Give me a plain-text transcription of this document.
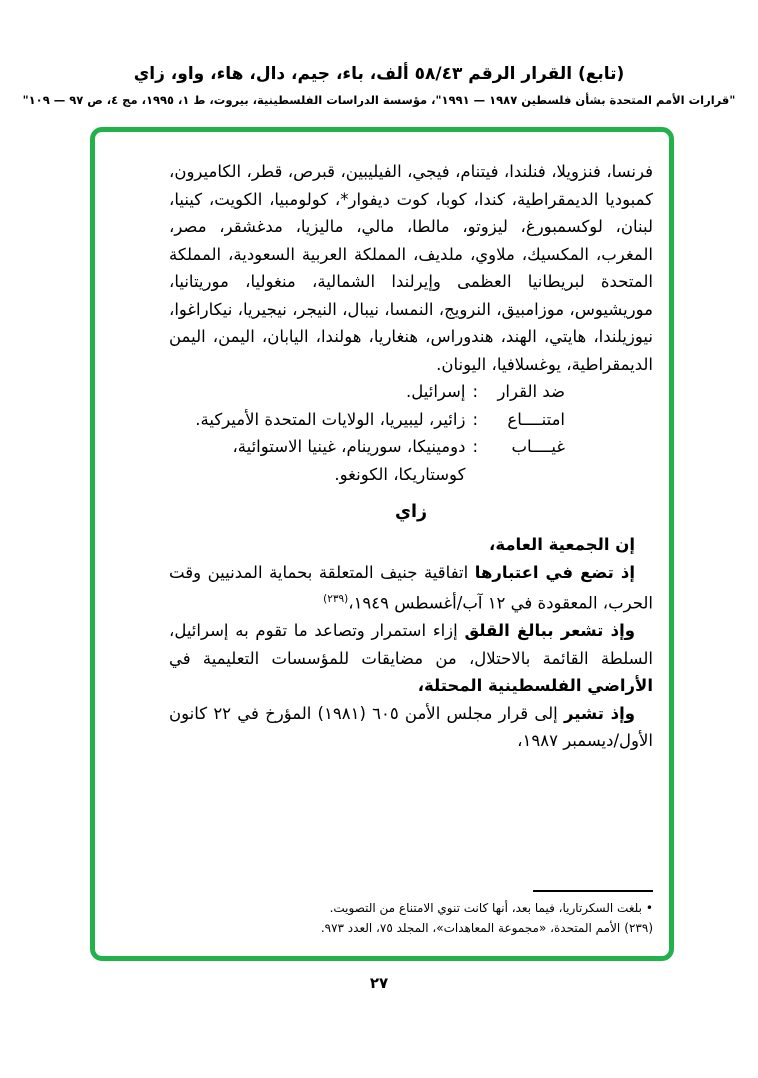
(تابع) القرار الرقم ٥٨/٤٣ ألف، باء، جيم، دال، هاء، واو، زاي
"قرارات الأمم المتحدة بشأن فلسطين ١٩٨٧ — ١٩٩١"، مؤسسة الدراسات الفلسطينية، بيروت، ط ١، ١٩٩٥، مج ٤، ص ٩٧ — ١٠٩"

فرنسا، فنزويلا، فنلندا، فيتنام، فيجي، الفيليبين، قبرص، قطر، الكاميرون، كمبوديا الديمقراطية، كندا، كوبا، كوت ديفوار*، كولومبيا، الكويت، كينيا، لبنان، لوكسمبورغ، ليزوتو، مالطا، مالي، ماليزيا، مدغشقر، مصر، المغرب، المكسيك، ملاوي، ملديف، المملكة العربية السعودية، المملكة المتحدة لبريطانيا العظمى وإيرلندا الشمالية، منغوليا، موريتانيا، موريشيوس، موزامبيق، النرويج، النمسا، نيبال، النيجر، نيجيريا، نيكاراغوا، نيوزيلندا، هايتي، الهند، هندوراس، هنغاريا، هولندا، اليابان، اليمن، اليمن الديمقراطية، يوغسلافيا، اليونان.

ضد القرار
:
إسرائيل.
امتنــــاع
:
زائير، ليبيريا، الولايات المتحدة الأميركية.
غيــــاب
:
دومينيكا، سورينام، غينيا الاستوائية، كوستاريكا، الكونغو.
زاي

إن الجمعية العامة،

إذ تضع في اعتبارها اتفاقية جنيف المتعلقة بحماية المدنيين وقت الحرب، المعقودة في ١٢ آب/أغسطس ١٩٤٩،$^{(٢٣٩)}$

وإذ تشعر ببالغ القلق إزاء استمرار وتصاعد ما تقوم به إسرائيل، السلطة القائمة بالاحتلال، من مضايقات للمؤسسات التعليمية في الأراضي الفلسطينية المحتلة،

وإذ تشير إلى قرار مجلس الأمن ٦٠٥ (١٩٨١) المؤرخ في ٢٢ كانون الأول/ديسمبر ١٩٨٧،

•بلغت السكرتاريا، فيما بعد، أنها كانت تنوي الامتناع من التصويت.
(٢٣٩)الأمم المتحدة، «مجموعة المعاهدات»، المجلد ٧٥، العدد ٩٧٣.
٢٧
